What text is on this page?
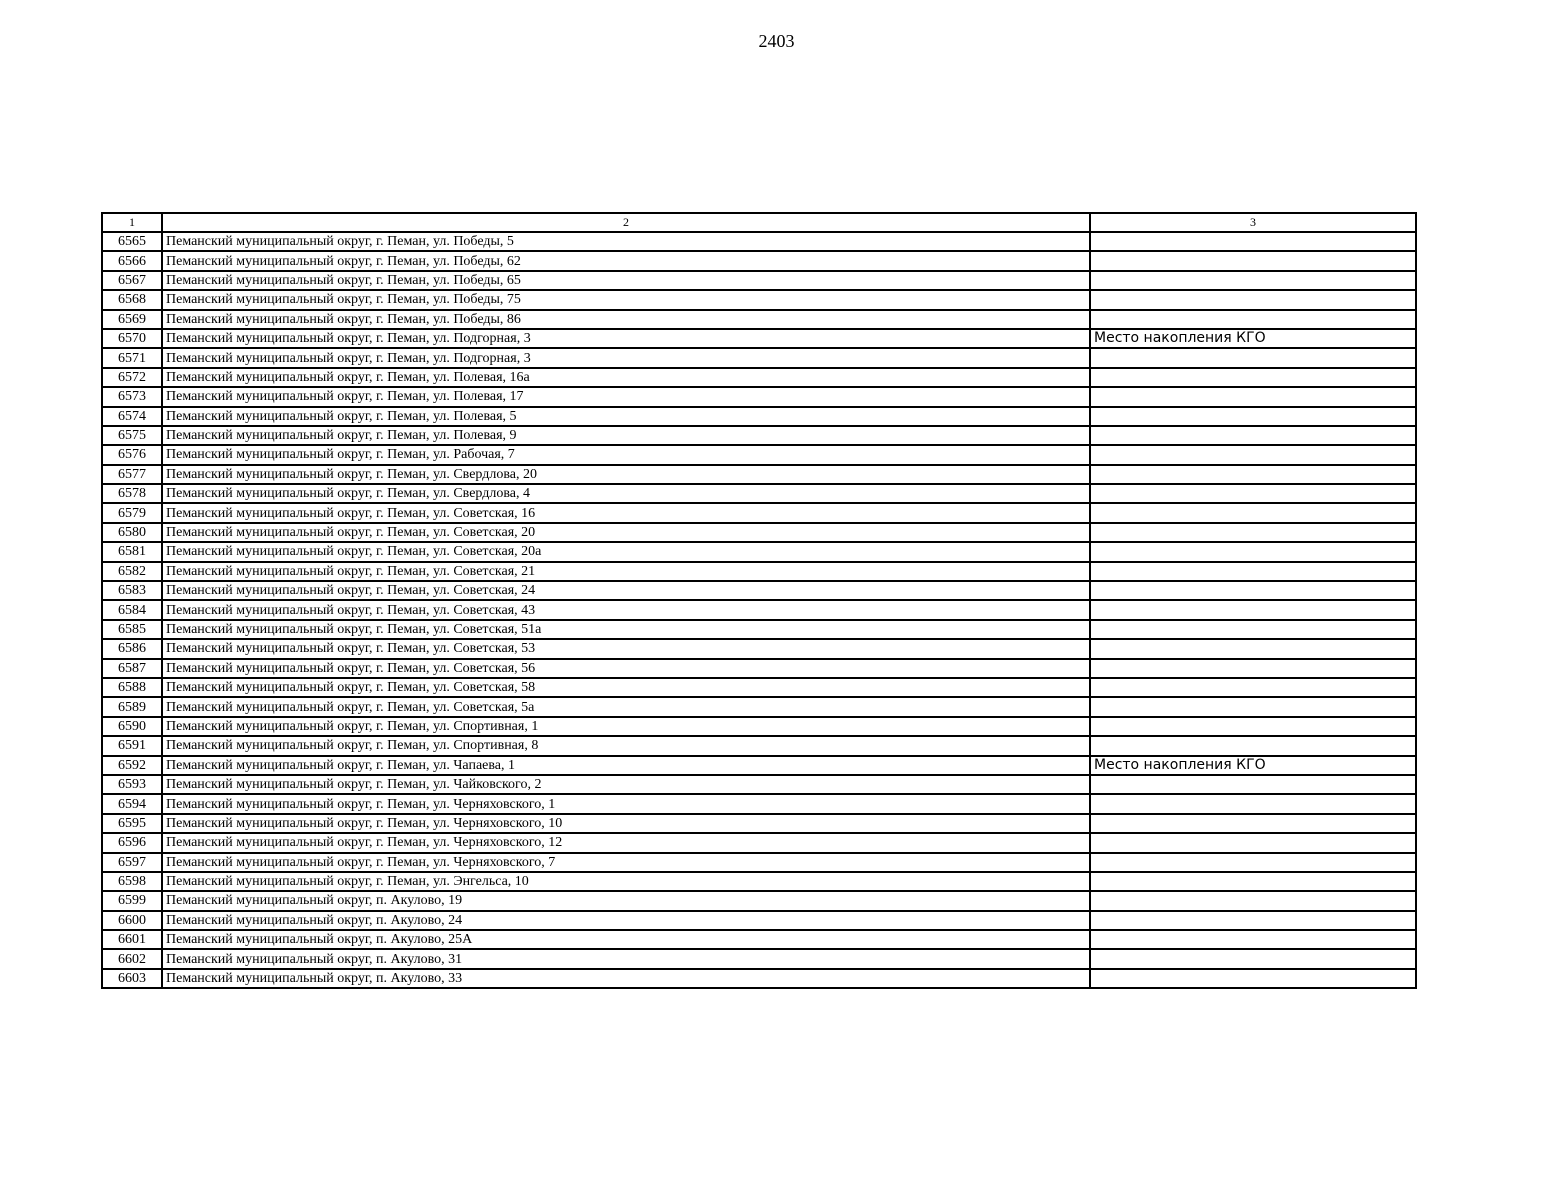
2403
1	2	3
6565	Пеманский муниципальный округ, г. Пеман, ул. Победы, 5	
6566	Пеманский муниципальный округ, г. Пеман, ул. Победы, 62	
6567	Пеманский муниципальный округ, г. Пеман, ул. Победы, 65	
6568	Пеманский муниципальный округ, г. Пеман, ул. Победы, 75	
6569	Пеманский муниципальный округ, г. Пеман, ул. Победы, 86	
6570	Пеманский муниципальный округ, г. Пеман, ул. Подгорная, 3	Место накопления КГО
6571	Пеманский муниципальный округ, г. Пеман, ул. Подгорная, 3	
6572	Пеманский муниципальный округ, г. Пеман, ул. Полевая, 16а	
6573	Пеманский муниципальный округ, г. Пеман, ул. Полевая, 17	
6574	Пеманский муниципальный округ, г. Пеман, ул. Полевая, 5	
6575	Пеманский муниципальный округ, г. Пеман, ул. Полевая, 9	
6576	Пеманский муниципальный округ, г. Пеман, ул. Рабочая, 7	
6577	Пеманский муниципальный округ, г. Пеман, ул. Свердлова, 20	
6578	Пеманский муниципальный округ, г. Пеман, ул. Свердлова, 4	
6579	Пеманский муниципальный округ, г. Пеман, ул. Советская, 16	
6580	Пеманский муниципальный округ, г. Пеман, ул. Советская, 20	
6581	Пеманский муниципальный округ, г. Пеман, ул. Советская, 20а	
6582	Пеманский муниципальный округ, г. Пеман, ул. Советская, 21	
6583	Пеманский муниципальный округ, г. Пеман, ул. Советская, 24	
6584	Пеманский муниципальный округ, г. Пеман, ул. Советская, 43	
6585	Пеманский муниципальный округ, г. Пеман, ул. Советская, 51а	
6586	Пеманский муниципальный округ, г. Пеман, ул. Советская, 53	
6587	Пеманский муниципальный округ, г. Пеман, ул. Советская, 56	
6588	Пеманский муниципальный округ, г. Пеман, ул. Советская, 58	
6589	Пеманский муниципальный округ, г. Пеман, ул. Советская, 5а	
6590	Пеманский муниципальный округ, г. Пеман, ул. Спортивная, 1	
6591	Пеманский муниципальный округ, г. Пеман, ул. Спортивная, 8	
6592	Пеманский муниципальный округ, г. Пеман, ул. Чапаева, 1	Место накопления КГО
6593	Пеманский муниципальный округ, г. Пеман, ул. Чайковского, 2	
6594	Пеманский муниципальный округ, г. Пеман, ул. Черняховского, 1	
6595	Пеманский муниципальный округ, г. Пеман, ул. Черняховского, 10	
6596	Пеманский муниципальный округ, г. Пеман, ул. Черняховского, 12	
6597	Пеманский муниципальный округ, г. Пеман, ул. Черняховского, 7	
6598	Пеманский муниципальный округ, г. Пеман, ул. Энгельса, 10	
6599	Пеманский муниципальный округ, п. Акулово, 19	
6600	Пеманский муниципальный округ, п. Акулово, 24	
6601	Пеманский муниципальный округ, п. Акулово, 25А	
6602	Пеманский муниципальный округ, п. Акулово, 31	
6603	Пеманский муниципальный округ, п. Акулово, 33	
